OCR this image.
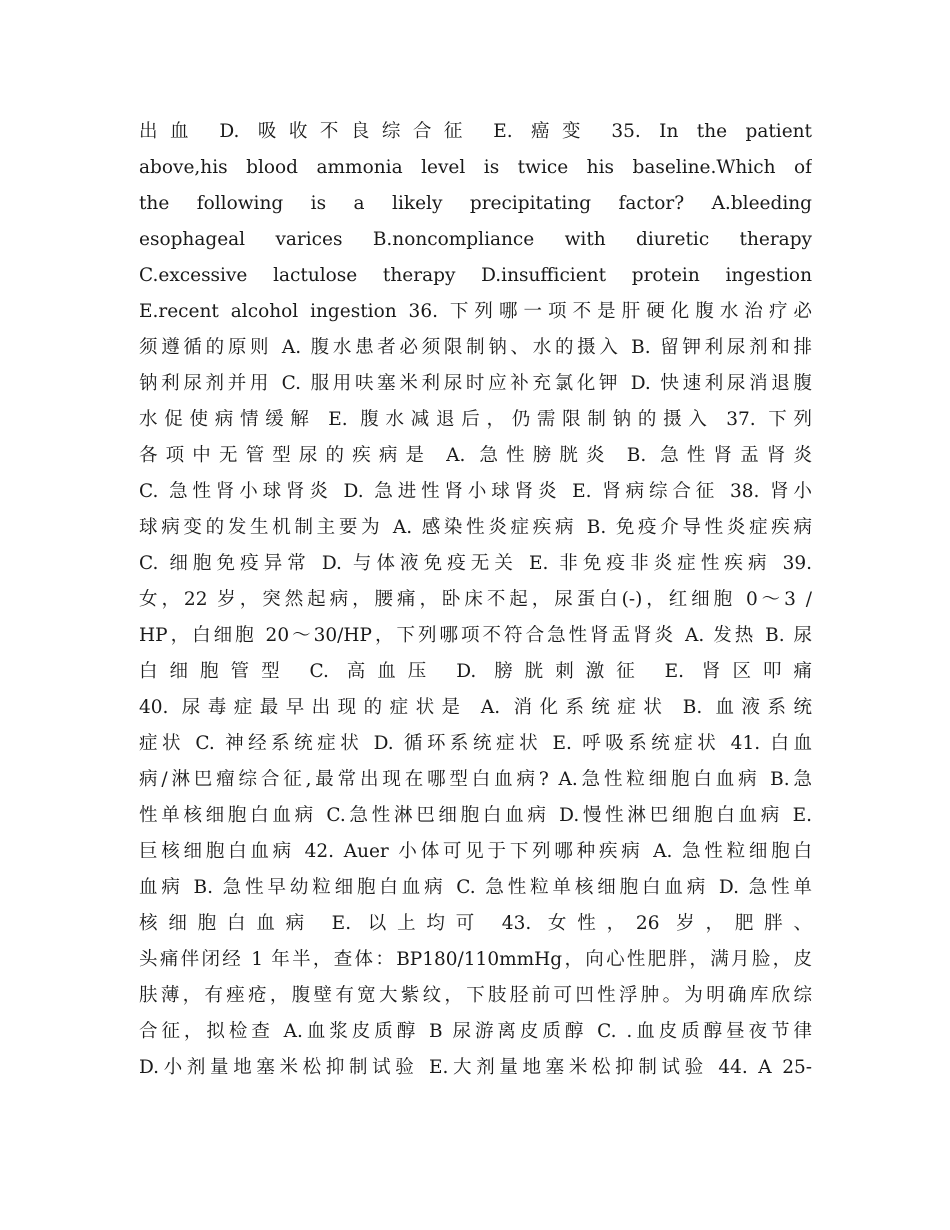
出血 D. 吸收不良综合征 E. 癌变 35. In the patient
above,his blood ammonia level is twice his baseline.Which of
the following is a likely precipitating factor? A.bleeding
esophageal varices B.noncompliance with diuretic therapy
C.excessive lactulose therapy D.insufficient protein ingestion
E.recent alcohol ingestion 36. 下列哪一项不是肝硬化腹水治疗必
须遵循的原则 A. 腹水患者必须限制钠、水的摄入 B. 留钾利尿剂和排
钠利尿剂并用 C. 服用呋塞米利尿时应补充氯化钾 D. 快速利尿消退腹
水促使病情缓解 E. 腹水减退后，仍需限制钠的摄入 37. 下列
各项中无管型尿的疾病是 A. 急性膀胱炎 B. 急性肾盂肾炎
C. 急性肾小球肾炎 D. 急进性肾小球肾炎 E. 肾病综合征 38. 肾小
球病变的发生机制主要为 A. 感染性炎症疾病 B. 免疫介导性炎症疾病
C. 细胞免疫异常 D. 与体液免疫无关 E. 非免疫非炎症性疾病 39.
女，22 岁，突然起病，腰痛，卧床不起，尿蛋白(-)，红细胞 0～3 /
HP，白细胞 20～30/HP，下列哪项不符合急性肾盂肾炎 A. 发热 B. 尿
白细胞管型 C. 高血压 D. 膀胱刺激征 E. 肾区叩痛
40. 尿毒症最早出现的症状是 A. 消化系统症状 B. 血液系统
症状 C. 神经系统症状 D. 循环系统症状 E. 呼吸系统症状 41. 白血
病/淋巴瘤综合征,最常出现在哪型白血病? A.急性粒细胞白血病 B.急
性单核细胞白血病 C.急性淋巴细胞白血病 D.慢性淋巴细胞白血病 E.
巨核细胞白血病 42. Auer 小体可见于下列哪种疾病 A. 急性粒细胞白
血病 B. 急性早幼粒细胞白血病 C. 急性粒单核细胞白血病 D. 急性单
核细胞白血病 E. 以上均可 43. 女性，26 岁，肥胖、
头痛伴闭经 1 年半，查体：BP180/110mmHg，向心性肥胖，满月脸，皮
肤薄，有痤疮，腹壁有宽大紫纹，下肢胫前可凹性浮肿。为明确库欣综
合征，拟检查 A.血浆皮质醇 B 尿游离皮质醇 C. .血皮质醇昼夜节律
D.小剂量地塞米松抑制试验 E.大剂量地塞米松抑制试验 44. A 25-
